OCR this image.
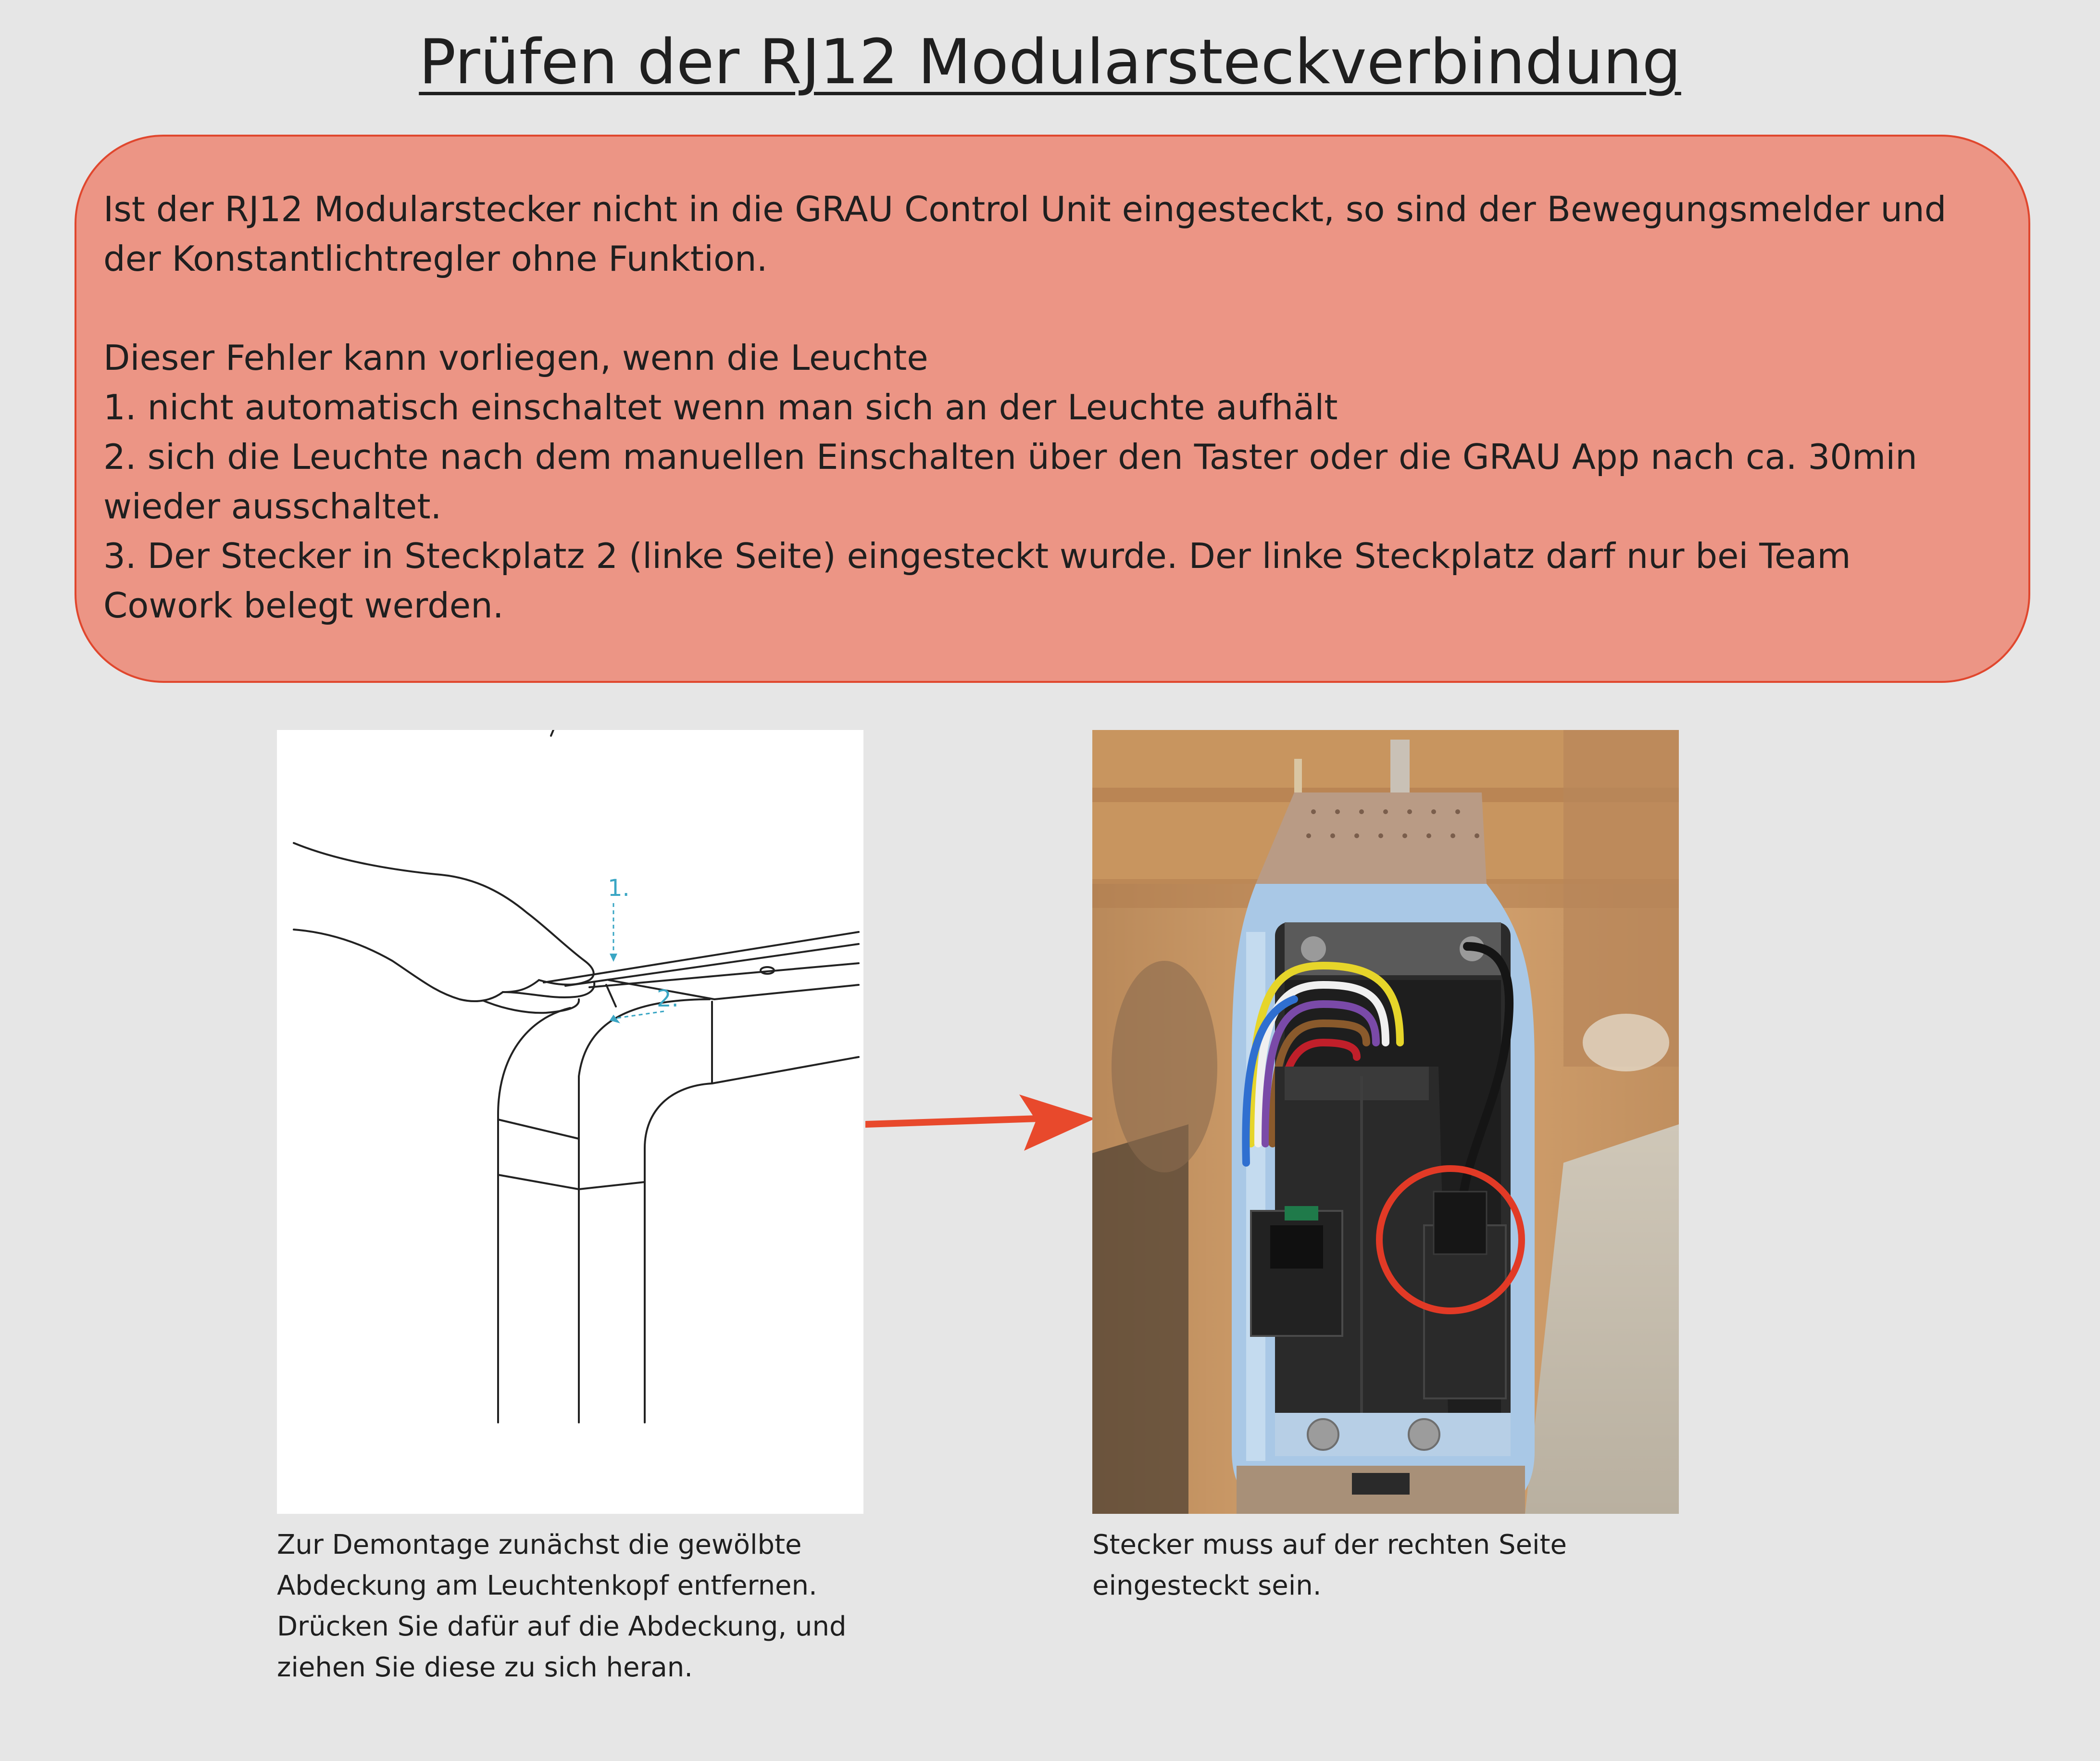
Prüfen der RJ12 Modularsteckverbindung

Ist der RJ12 Modularstecker nicht in die GRAU Control Unit eingesteckt, so sind der Bewegungsmelder und der Konstantlichtregler ohne Funktion.

Dieser Fehler kann vorliegen, wenn die Leuchte

1. nicht automatisch einschaltet wenn man sich an der Leuchte aufhält

2. sich die Leuchte nach dem manuellen Einschalten über den Taster oder die GRAU App nach ca. 30min wieder ausschaltet.

3. Der Stecker in Steckplatz 2 (linke Seite) eingesteckt wurde. Der linke Steckplatz darf nur bei Team Cowork belegt werden.

1.
2.

Zur Demontage zunächst die gewölbte Abdeckung am Leuchtenkopf entfernen. Drücken Sie dafür auf die Abdeckung, und ziehen Sie diese zu sich heran.

Stecker muss auf der rechten Seite eingesteckt sein.
